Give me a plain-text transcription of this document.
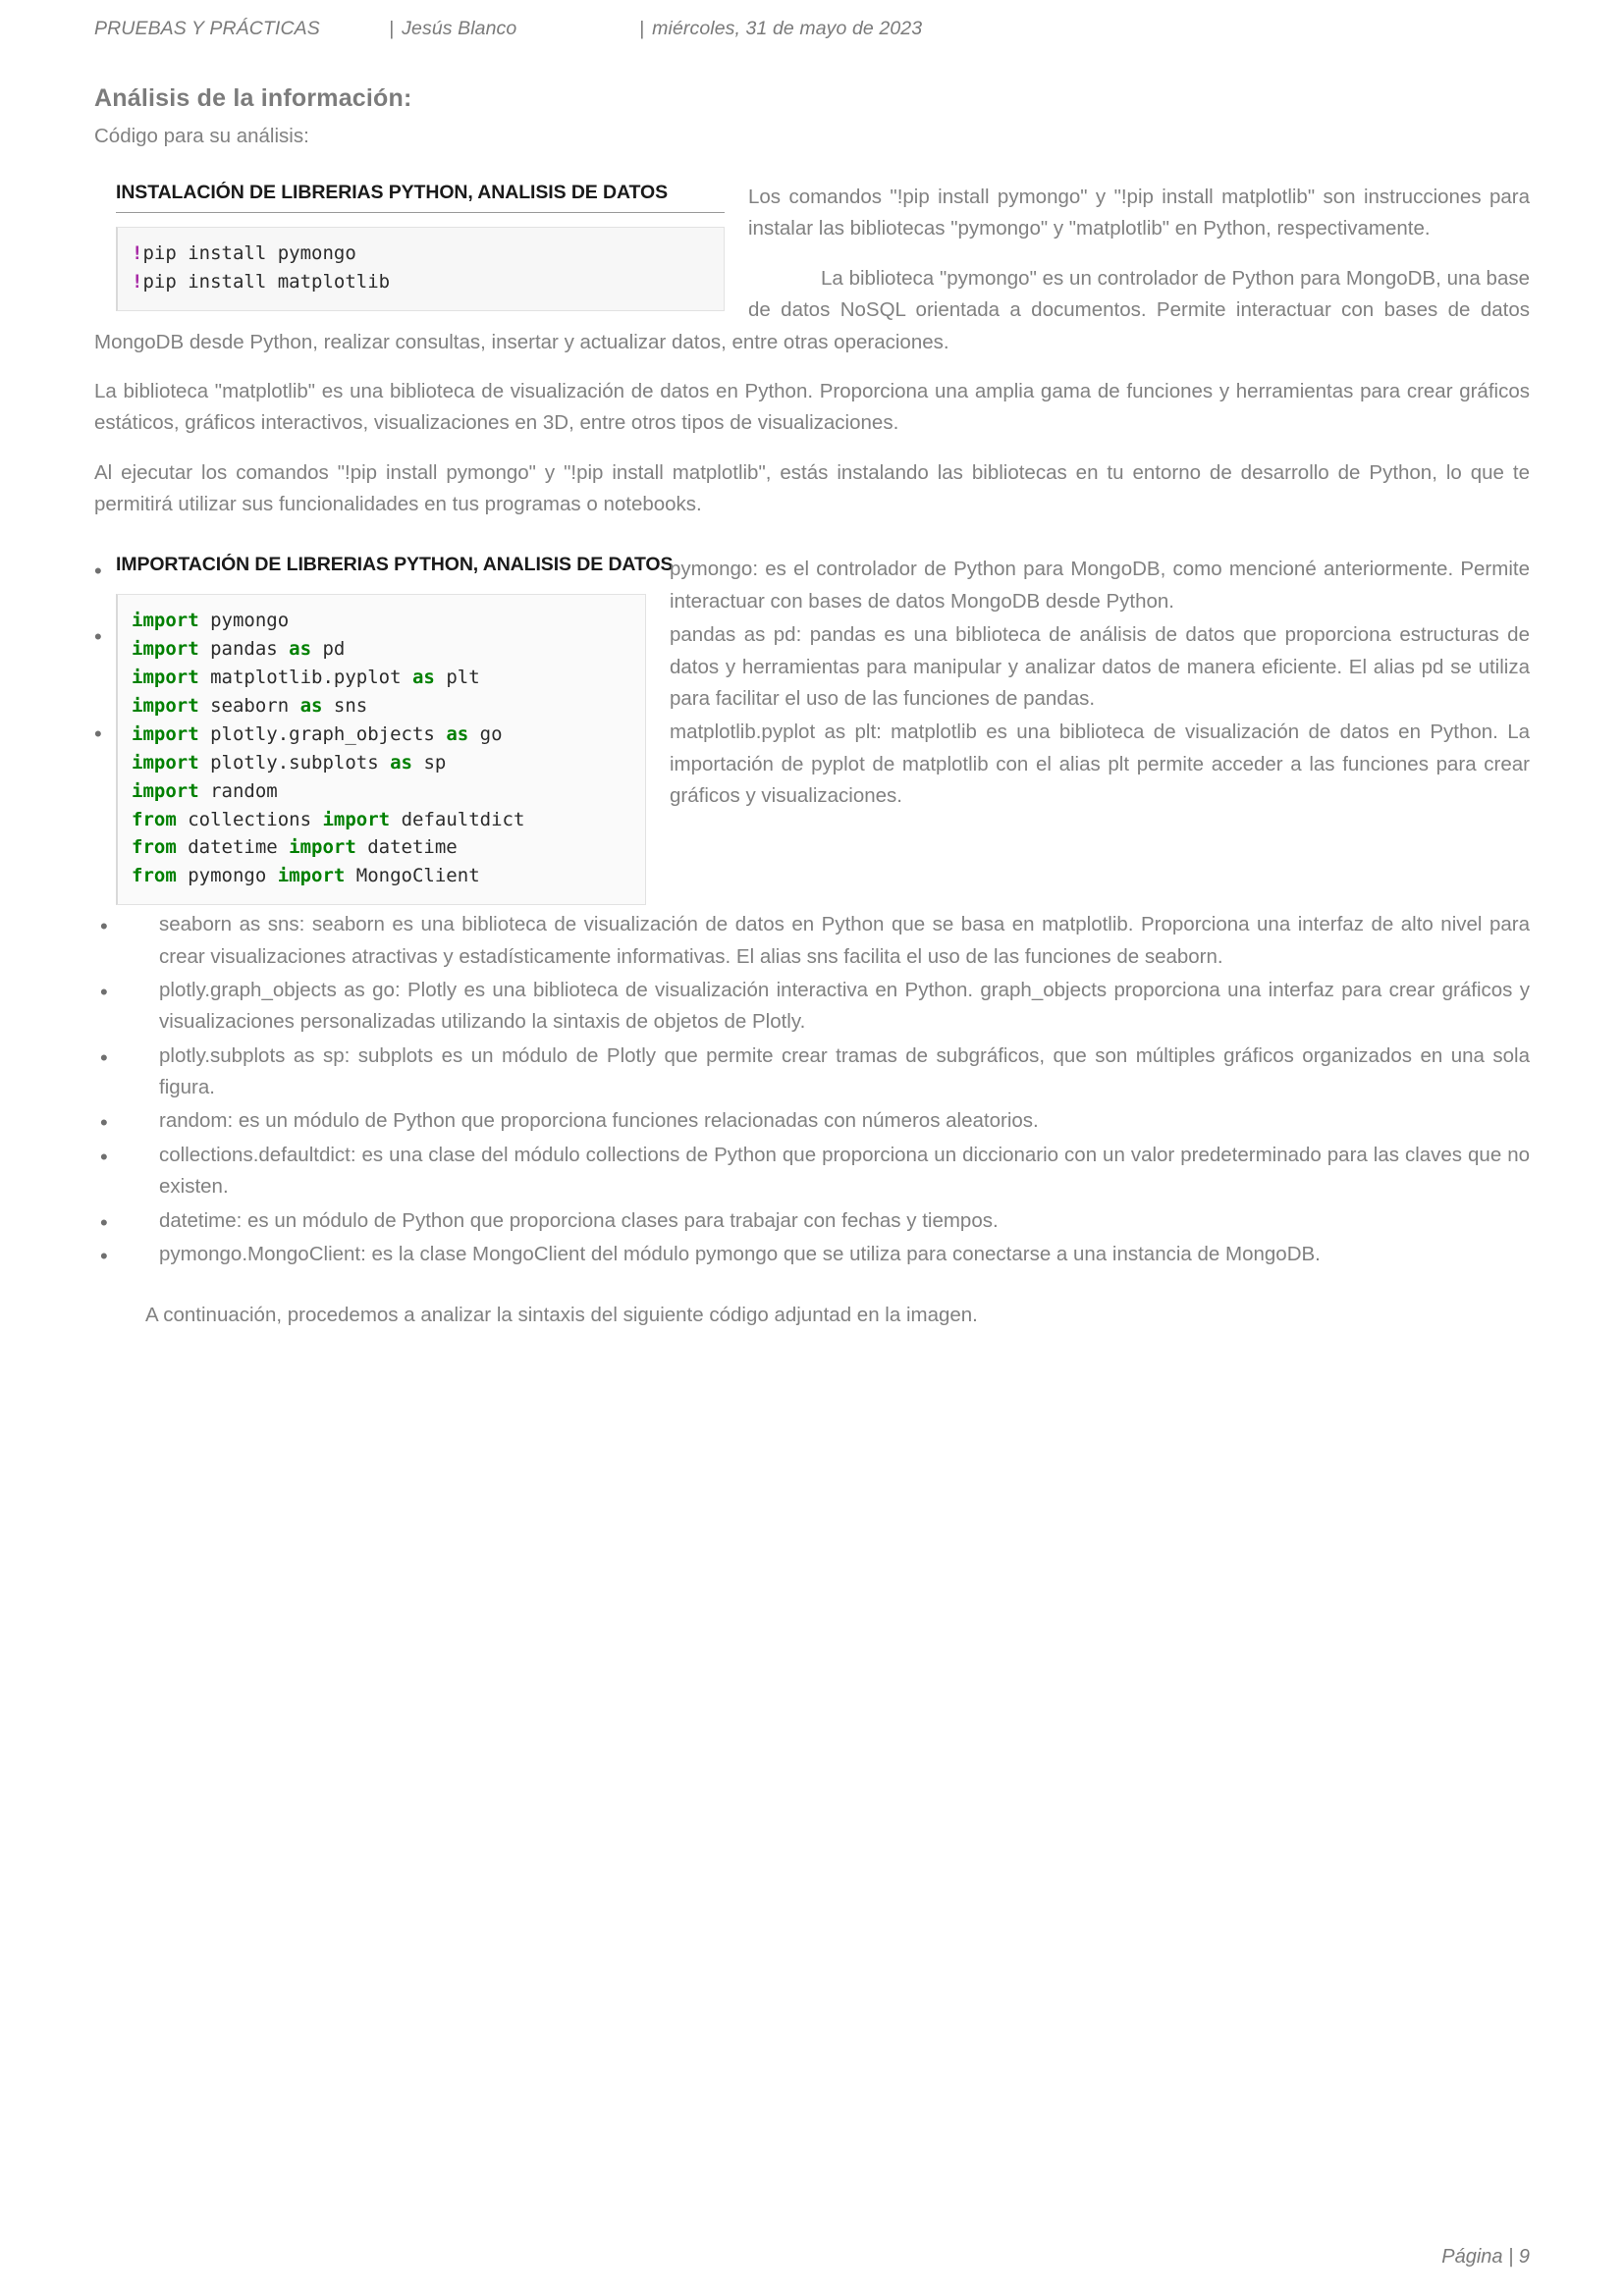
PRUEBAS Y PRÁCTICAS	| Jesús Blanco	| miércoles, 31 de mayo de 2023
Análisis de la información:

Código para su análisis:

INSTALACIÓN DE LIBRERIAS PYTHON, ANALISIS DE DATOS
!pip install pymongo
!pip install matplotlib

Los comandos "!pip install pymongo" y "!pip install matplotlib" son instrucciones para instalar las bibliotecas "pymongo" y "matplotlib" en Python, respectivamente.

La biblioteca "pymongo" es un controlador de Python para MongoDB, una base de datos NoSQL orientada a documentos. Permite interactuar con bases de datos MongoDB desde Python, realizar consultas, insertar y actualizar datos, entre otras operaciones.

La biblioteca "matplotlib" es una biblioteca de visualización de datos en Python. Proporciona una amplia gama de funciones y herramientas para crear gráficos estáticos, gráficos interactivos, visualizaciones en 3D, entre otros tipos de visualizaciones.

Al ejecutar los comandos "!pip install pymongo" y "!pip install matplotlib", estás instalando las bibliotecas en tu entorno de desarrollo de Python, lo que te permitirá utilizar sus funcionalidades en tus programas o notebooks.

IMPORTACIÓN DE LIBRERIAS PYTHON, ANALISIS DE DATOS
import pymongo
import pandas as pd
import matplotlib.pyplot as plt
import seaborn as sns
import plotly.graph_objects as go
import plotly.subplots as sp
import random
from collections import defaultdict
from datetime import datetime
from pymongo import MongoClient
•	pymongo: es el controlador de Python para MongoDB, como mencioné anteriormente. Permite interactuar con bases de datos MongoDB desde Python.
•	pandas as pd: pandas es una biblioteca de análisis de datos que proporciona estructuras de datos y herramientas para manipular y analizar datos de manera eficiente. El alias pd se utiliza para facilitar el uso de las funciones de pandas.
•	matplotlib.pyplot as plt: matplotlib es una biblioteca de visualización de datos en Python. La importación de pyplot de matplotlib con el alias plt permite acceder a las funciones para crear gráficos y visualizaciones.
•	seaborn as sns: seaborn es una biblioteca de visualización de datos en Python que se basa en matplotlib. Proporciona una interfaz de alto nivel para crear visualizaciones atractivas y estadísticamente informativas. El alias sns facilita el uso de las funciones de seaborn.
•	plotly.graph_objects as go: Plotly es una biblioteca de visualización interactiva en Python. graph_objects proporciona una interfaz para crear gráficos y visualizaciones personalizadas utilizando la sintaxis de objetos de Plotly.
•	plotly.subplots as sp: subplots es un módulo de Plotly que permite crear tramas de subgráficos, que son múltiples gráficos organizados en una sola figura.
•	random: es un módulo de Python que proporciona funciones relacionadas con números aleatorios.
•	collections.defaultdict: es una clase del módulo collections de Python que proporciona un diccionario con un valor predeterminado para las claves que no existen.
•	datetime: es un módulo de Python que proporciona clases para trabajar con fechas y tiempos.
•	pymongo.MongoClient: es la clase MongoClient del módulo pymongo que se utiliza para conectarse a una instancia de MongoDB.

A continuación, procedemos a analizar la sintaxis del siguiente código adjuntad en la imagen.

Página | 9
